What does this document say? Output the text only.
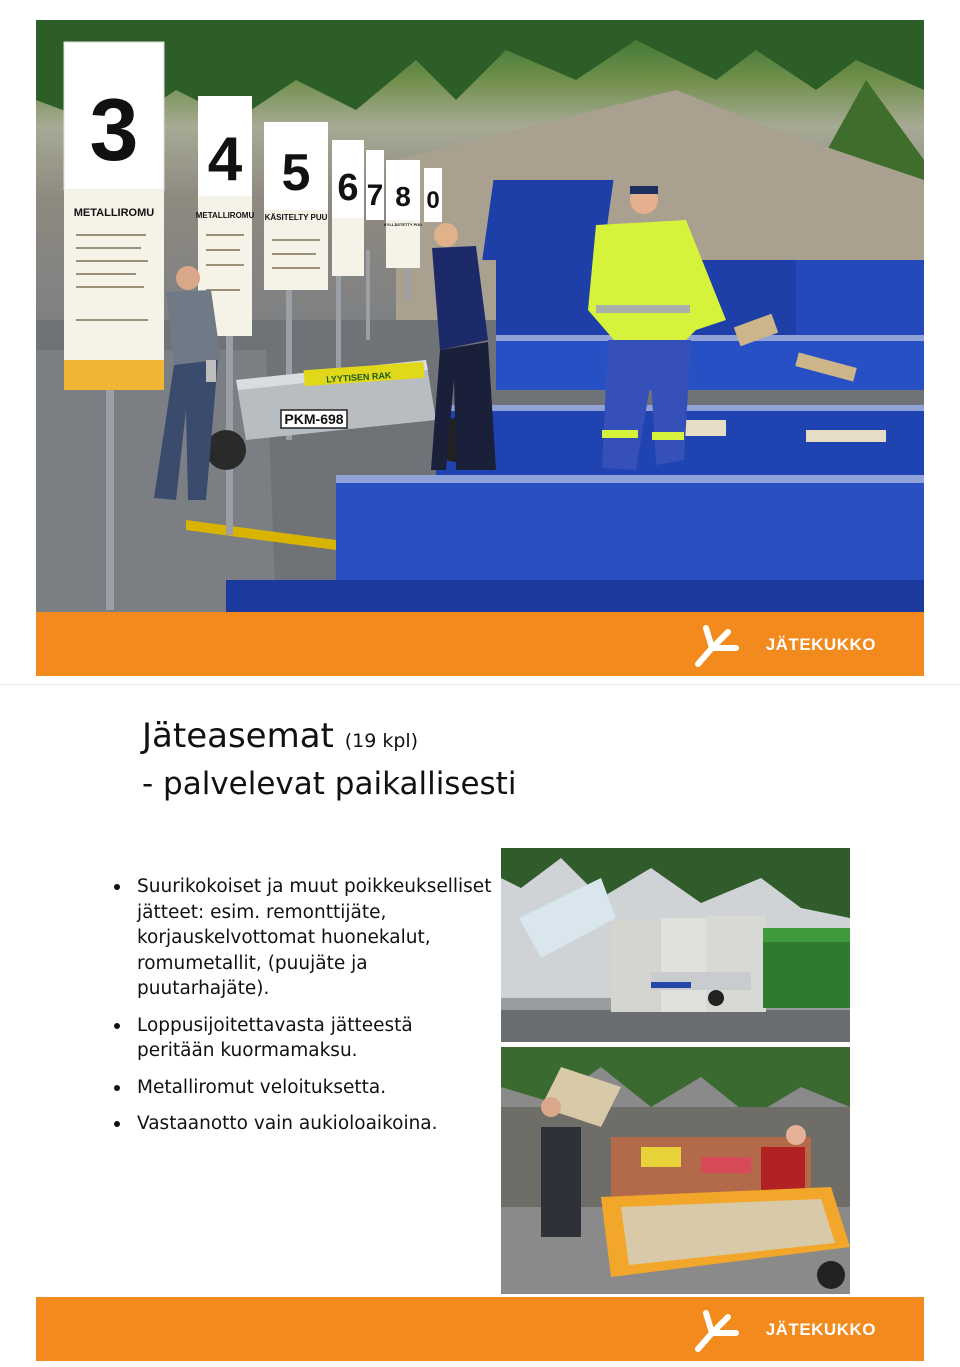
3 4 5 6 7 8 0
METALLIROMU	METALLIROMU KÄSITELTY PUU
KYLLÄSTETTY PUU
LYYTISEN RAK
PKM-698
JÄTEKUKKO
Jäteasemat (19 kpl)
- palvelevat paikallisesti
Suurikokoiset ja muut poikkeukselliset jätteet: esim. remonttijäte, korjauskelvottomat huonekalut, romumetallit, (puujäte ja puutarhajäte).
Loppusijoitettavasta jätteestä peritään kuormamaksu.
Metalliromut veloituksetta.
Vastaanotto vain aukioloaikoina.
JÄTEKUKKO
